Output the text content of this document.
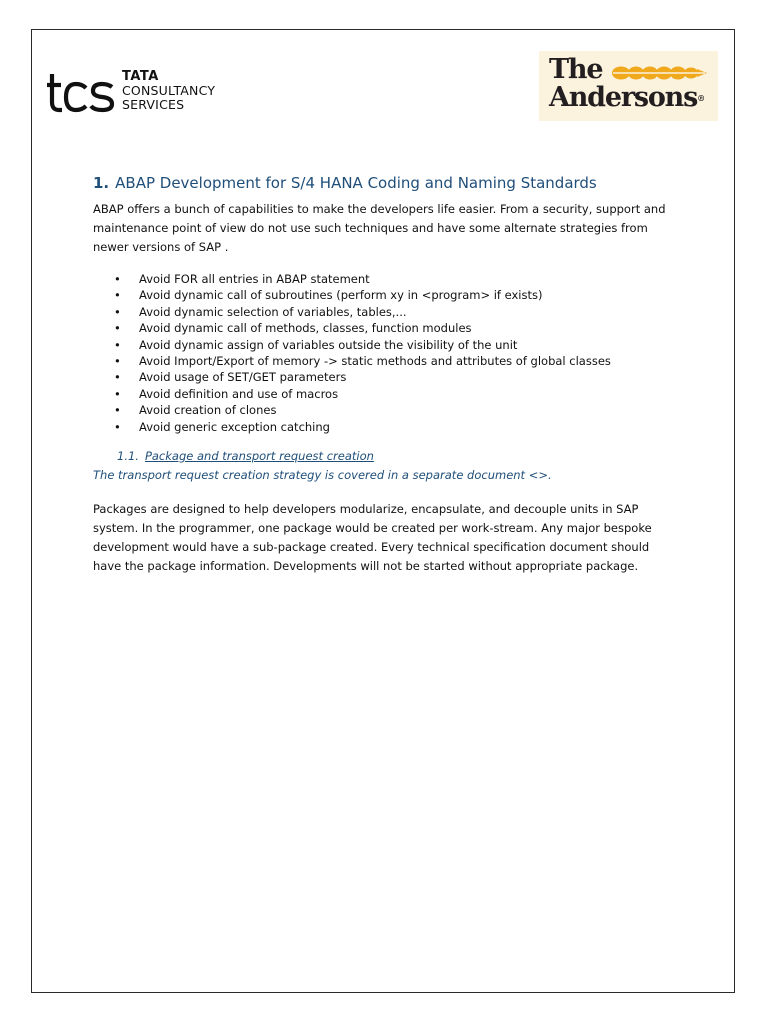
TATA
CONSULTANCY
SERVICES
The
Andersons®
1. ABAP Development for S/4 HANA Coding and Naming Standards

ABAP offers a bunch of capabilities to make the developers life easier. From a security, support and maintenance point of view do not use such techniques and have some alternate strategies from newer versions of SAP .

• Avoid FOR all entries in ABAP statement
• Avoid dynamic call of subroutines (perform xy in <program> if exists)
• Avoid dynamic selection of variables, tables,...
• Avoid dynamic call of methods, classes, function modules
• Avoid dynamic assign of variables outside the visibility of the unit
• Avoid Import/Export of memory -> static methods and attributes of global classes
• Avoid usage of SET/GET parameters
• Avoid definition and use of macros
• Avoid creation of clones
• Avoid generic exception catching
1.1. Package and transport request creation

The transport request creation strategy is covered in a separate document <>.

Packages are designed to help developers modularize, encapsulate, and decouple units in SAP system. In the programmer, one package would be created per work-stream. Any major bespoke development would have a sub-package created. Every technical specification document should have the package information. Developments will not be started without appropriate package.
